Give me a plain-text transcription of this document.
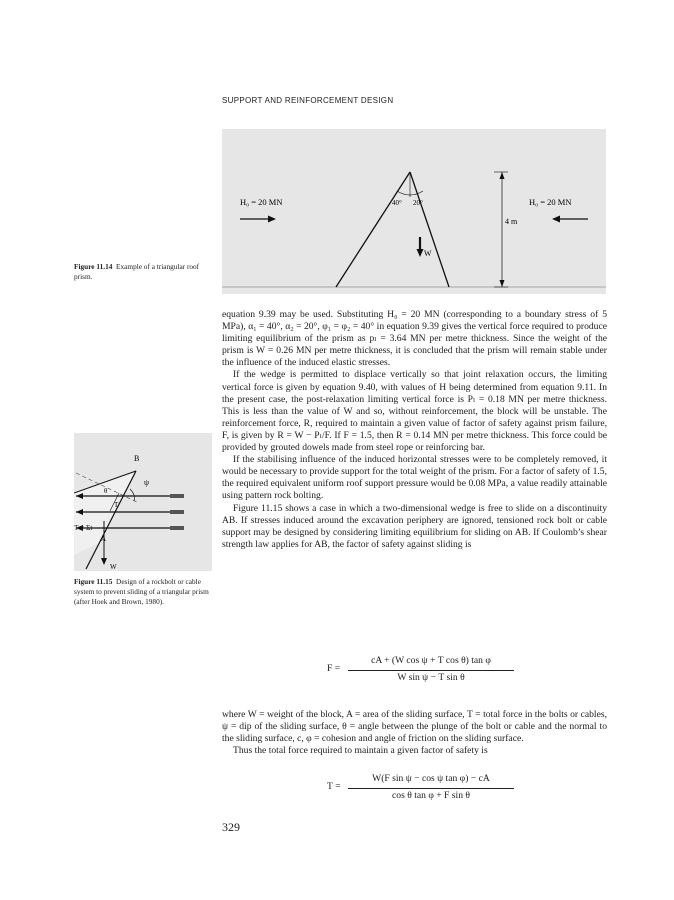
SUPPORT AND REINFORCEMENT DESIGN
H₀ = 20 MN	H₀ = 20 MN
40° 20°
4 m
W
Figure 11.14 Example of a triangular roof prism.
B
ψ
θ
T
A
W
T = Σt
Figure 11.15 Design of a rockbolt or cable system to prevent sliding of a triangular prism (after Hoek and Brown, 1980).

equation 9.39 may be used. Substituting H₀ = 20 MN (corresponding to a boundary stress of 5 MPa), α₁ = 40°, α₂ = 20°, φ₁ = φ₂ = 40° in equation 9.39 gives the vertical force required to produce limiting equilibrium of the prism as pₗ = 3.64 MN per metre thickness. Since the weight of the prism is W = 0.26 MN per metre thickness, it is concluded that the prism will remain stable under the influence of the induced elastic stresses.

If the wedge is permitted to displace vertically so that joint relaxation occurs, the limiting vertical force is given by equation 9.40, with values of H being determined from equation 9.11. In the present case, the post-relaxation limiting vertical force is Pₗ = 0.18 MN per metre thickness. This is less than the value of W and so, without reinforcement, the block will be unstable. The reinforcement force, R, required to maintain a given value of factor of safety against prism failure, F, is given by R = W − Pₗ/F. If F = 1.5, then R = 0.14 MN per metre thickness. This force could be provided by grouted dowels made from steel rope or reinforcing bar.

If the stabilising influence of the induced horizontal stresses were to be completely removed, it would be necessary to provide support for the total weight of the prism. For a factor of safety of 1.5, the required equivalent uniform roof support pressure would be 0.08 MPa, a value readily attainable using pattern rock bolting.

Figure 11.15 shows a case in which a two-dimensional wedge is free to slide on a discontinuity AB. If stresses induced around the excavation periphery are ignored, tensioned rock bolt or cable support may be designed by considering limiting equilibrium for sliding on AB. If Coulomb’s shear strength law applies for AB, the factor of safety against sliding is

F =
cA + (W cos ψ + T cos θ) tan φ
W sin ψ − T sin θ

where W = weight of the block, A = area of the sliding surface, T = total force in the bolts or cables, ψ = dip of the sliding surface, θ = angle between the plunge of the bolt or cable and the normal to the sliding surface, c, φ = cohesion and angle of friction on the sliding surface.

Thus the total force required to maintain a given factor of safety is

T =
W(F sin ψ − cos ψ tan φ) − cA
cos θ tan φ + F sin θ
329
